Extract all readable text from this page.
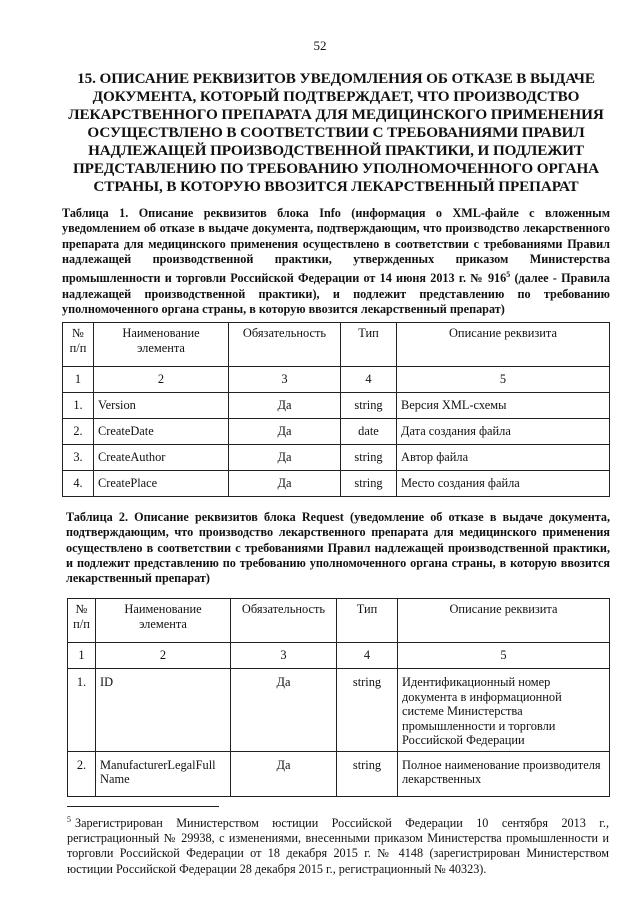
52
15. ОПИСАНИЕ РЕКВИЗИТОВ УВЕДОМЛЕНИЯ ОБ ОТКАЗЕ В ВЫДАЧЕ ДОКУМЕНТА, КОТОРЫЙ ПОДТВЕРЖДАЕТ, ЧТО ПРОИЗВОДСТВО ЛЕКАРСТВЕННОГО ПРЕПАРАТА ДЛЯ МЕДИЦИНСКОГО ПРИМЕНЕНИЯ ОСУЩЕСТВЛЕНО В СООТВЕТСТВИИ С ТРЕБОВАНИЯМИ ПРАВИЛ НАДЛЕЖАЩЕЙ ПРОИЗВОДСТВЕННОЙ ПРАКТИКИ, И ПОДЛЕЖИТ ПРЕДСТАВЛЕНИЮ ПО ТРЕБОВАНИЮ УПОЛНОМОЧЕННОГО ОРГАНА СТРАНЫ, В КОТОРУЮ ВВОЗИТСЯ ЛЕКАРСТВЕННЫЙ ПРЕПАРАТ
Таблица 1. Описание реквизитов блока Info (информация о XML-файле с вложенным уведомлением об отказе в выдаче документа, подтверждающим, что производство лекарственного препарата для медицинского применения осуществлено в соответствии с требованиями Правил надлежащей производственной практики, утвержденных приказом Министерства промышленности и торговли Российской Федерации от 14 июня 2013 г. № $916^5$ (далее - Правила надлежащей производственной практики), и подлежит представлению по требованию уполномоченного органа страны, в которую ввозится лекарственный препарат)
№ п/п	Наименование элемента	Обязательность	Тип	Описание реквизита
1	2	3	4	5
1.	Version	Да	string	Версия XML-схемы
2.	CreateDate	Да	date	Дата создания файла
3.	CreateAuthor	Да	string	Автор файла
4.	CreatePlace	Да	string	Место создания файла
Таблица 2. Описание реквизитов блока Request (уведомление об отказе в выдаче документа, подтверждающим, что производство лекарственного препарата для медицинского применения осуществлено в соответствии с требованиями Правил надлежащей производственной практики, и подлежит представлению по требованию уполномоченного органа страны, в которую ввозится лекарственный препарат)
№ п/п	Наименование элемента	Обязательность	Тип	Описание реквизита
1	2	3	4	5
1.	ID	Да	string	Идентификационный номер документа в информационной системе Министерства промышленности и торговли Российской Федерации
2.	ManufacturerLegalFull Name	Да	string	Полное наименование производителя лекарственных
$^5$ Зарегистрирован Министерством юстиции Российской Федерации 10 сентября 2013 г., регистрационный № 29938, с изменениями, внесенными приказом Министерства промышленности и торговли Российской Федерации от 18 декабря 2015 г. № 4148 (зарегистрирован Министерством юстиции Российской Федерации 28 декабря 2015 г., регистрационный № 40323).
